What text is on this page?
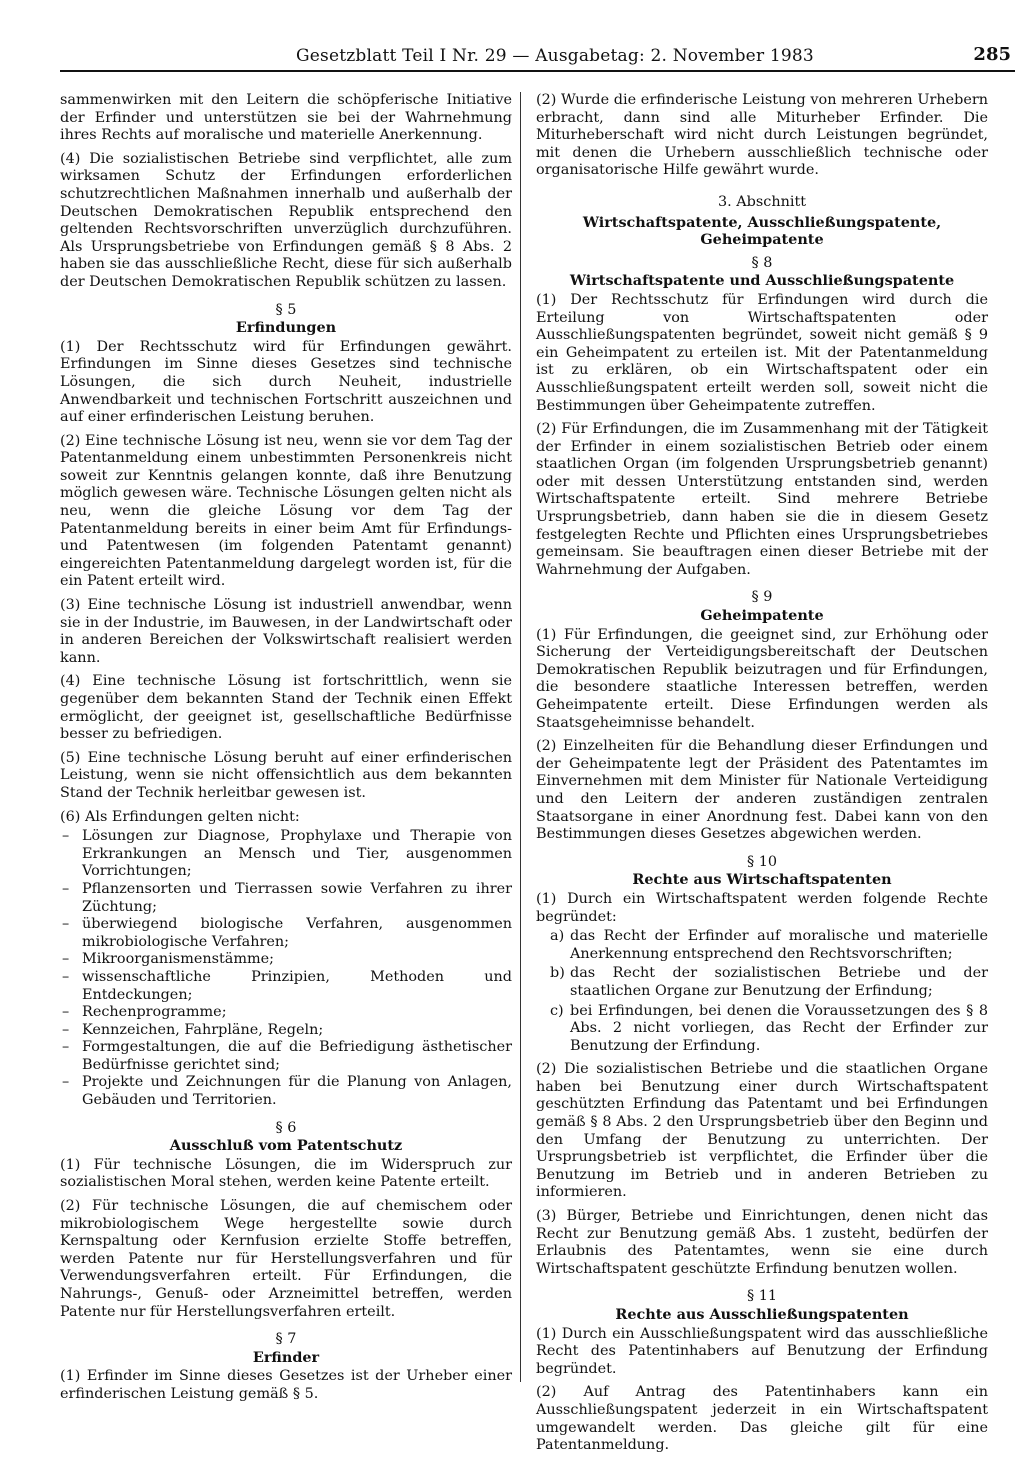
Gesetzblatt Teil I Nr. 29 — Ausgabetag: 2. November 1983	285

sammenwirken mit den Leitern die schöpferische Initiative der Erfinder und unterstützen sie bei der Wahrnehmung ihres Rechts auf moralische und materielle Anerkennung.

(4) Die sozialistischen Betriebe sind verpflichtet, alle zum wirksamen Schutz der Erfindungen erforderlichen schutzrechtlichen Maßnahmen innerhalb und außerhalb der Deutschen Demokratischen Republik entsprechend den geltenden Rechtsvorschriften unverzüglich durchzuführen. Als Ursprungsbetriebe von Erfindungen gemäß § 8 Abs. 2 haben sie das ausschließliche Recht, diese für sich außerhalb der Deutschen Demokratischen Republik schützen zu lassen.

§ 5
Erfindungen

(1) Der Rechtsschutz wird für Erfindungen gewährt. Erfindungen im Sinne dieses Gesetzes sind technische Lösungen, die sich durch Neuheit, industrielle Anwendbarkeit und technischen Fortschritt auszeichnen und auf einer erfinderischen Leistung beruhen.

(2) Eine technische Lösung ist neu, wenn sie vor dem Tag der Patentanmeldung einem unbestimmten Personenkreis nicht soweit zur Kenntnis gelangen konnte, daß ihre Benutzung möglich gewesen wäre. Technische Lösungen gelten nicht als neu, wenn die gleiche Lösung vor dem Tag der Patentanmeldung bereits in einer beim Amt für Erfindungs- und Patentwesen (im folgenden Patentamt genannt) eingereichten Patentanmeldung dargelegt worden ist, für die ein Patent erteilt wird.

(3) Eine technische Lösung ist industriell anwendbar, wenn sie in der Industrie, im Bauwesen, in der Landwirtschaft oder in anderen Bereichen der Volkswirtschaft realisiert werden kann.

(4) Eine technische Lösung ist fortschrittlich, wenn sie gegenüber dem bekannten Stand der Technik einen Effekt ermöglicht, der geeignet ist, gesellschaftliche Bedürfnisse besser zu befriedigen.

(5) Eine technische Lösung beruht auf einer erfinderischen Leistung, wenn sie nicht offensichtlich aus dem bekannten Stand der Technik herleitbar gewesen ist.

(6) Als Erfindungen gelten nicht:

– Lösungen zur Diagnose, Prophylaxe und Therapie von Erkrankungen an Mensch und Tier, ausgenommen Vorrichtungen;
– Pflanzensorten und Tierrassen sowie Verfahren zu ihrer Züchtung;
– überwiegend biologische Verfahren, ausgenommen mikrobiologische Verfahren;
– Mikroorganismenstämme;
– wissenschaftliche Prinzipien, Methoden und Entdeckungen;
– Rechenprogramme;
– Kennzeichen, Fahrpläne, Regeln;
– Formgestaltungen, die auf die Befriedigung ästhetischer Bedürfnisse gerichtet sind;
– Projekte und Zeichnungen für die Planung von Anlagen, Gebäuden und Territorien.
§ 6
Ausschluß vom Patentschutz

(1) Für technische Lösungen, die im Widerspruch zur sozialistischen Moral stehen, werden keine Patente erteilt.

(2) Für technische Lösungen, die auf chemischem oder mikrobiologischem Wege hergestellte sowie durch Kernspaltung oder Kernfusion erzielte Stoffe betreffen, werden Patente nur für Herstellungsverfahren und für Verwendungsverfahren erteilt. Für Erfindungen, die Nahrungs-, Genuß- oder Arzneimittel betreffen, werden Patente nur für Herstellungsverfahren erteilt.

§ 7
Erfinder

(1) Erfinder im Sinne dieses Gesetzes ist der Urheber einer erfinderischen Leistung gemäß § 5.

(2) Wurde die erfinderische Leistung von mehreren Urhebern erbracht, dann sind alle Miturheber Erfinder. Die Miturheberschaft wird nicht durch Leistungen begründet, mit denen die Urhebern ausschließlich technische oder organisatorische Hilfe gewährt wurde.

3. Abschnitt
Wirtschaftspatente, Ausschließungspatente, Geheimpatente
§ 8
Wirtschaftspatente und Ausschließungspatente

(1) Der Rechtsschutz für Erfindungen wird durch die Erteilung von Wirtschaftspatenten oder Ausschließungspatenten begründet, soweit nicht gemäß § 9 ein Geheimpatent zu erteilen ist. Mit der Patentanmeldung ist zu erklären, ob ein Wirtschaftspatent oder ein Ausschließungspatent erteilt werden soll, soweit nicht die Bestimmungen über Geheimpatente zutreffen.

(2) Für Erfindungen, die im Zusammenhang mit der Tätigkeit der Erfinder in einem sozialistischen Betrieb oder einem staatlichen Organ (im folgenden Ursprungsbetrieb genannt) oder mit dessen Unterstützung entstanden sind, werden Wirtschaftspatente erteilt. Sind mehrere Betriebe Ursprungsbetrieb, dann haben sie die in diesem Gesetz festgelegten Rechte und Pflichten eines Ursprungsbetriebes gemeinsam. Sie beauftragen einen dieser Betriebe mit der Wahrnehmung der Aufgaben.

§ 9
Geheimpatente

(1) Für Erfindungen, die geeignet sind, zur Erhöhung oder Sicherung der Verteidigungsbereitschaft der Deutschen Demokratischen Republik beizutragen und für Erfindungen, die besondere staatliche Interessen betreffen, werden Geheimpatente erteilt. Diese Erfindungen werden als Staatsgeheimnisse behandelt.

(2) Einzelheiten für die Behandlung dieser Erfindungen und der Geheimpatente legt der Präsident des Patentamtes im Einvernehmen mit dem Minister für Nationale Verteidigung und den Leitern der anderen zuständigen zentralen Staatsorgane in einer Anordnung fest. Dabei kann von den Bestimmungen dieses Gesetzes abgewichen werden.

§ 10
Rechte aus Wirtschaftspatenten

(1) Durch ein Wirtschaftspatent werden folgende Rechte begründet:

a) das Recht der Erfinder auf moralische und materielle Anerkennung entsprechend den Rechtsvorschriften;
b) das Recht der sozialistischen Betriebe und der staatlichen Organe zur Benutzung der Erfindung;
c) bei Erfindungen, bei denen die Voraussetzungen des § 8 Abs. 2 nicht vorliegen, das Recht der Erfinder zur Benutzung der Erfindung.

(2) Die sozialistischen Betriebe und die staatlichen Organe haben bei Benutzung einer durch Wirtschaftspatent geschützten Erfindung das Patentamt und bei Erfindungen gemäß § 8 Abs. 2 den Ursprungsbetrieb über den Beginn und den Umfang der Benutzung zu unterrichten. Der Ursprungsbetrieb ist verpflichtet, die Erfinder über die Benutzung im Betrieb und in anderen Betrieben zu informieren.

(3) Bürger, Betriebe und Einrichtungen, denen nicht das Recht zur Benutzung gemäß Abs. 1 zusteht, bedürfen der Erlaubnis des Patentamtes, wenn sie eine durch Wirtschaftspatent geschützte Erfindung benutzen wollen.

§ 11
Rechte aus Ausschließungspatenten

(1) Durch ein Ausschließungspatent wird das ausschließliche Recht des Patentinhabers auf Benutzung der Erfindung begründet.

(2) Auf Antrag des Patentinhabers kann ein Ausschließungspatent jederzeit in ein Wirtschaftspatent umgewandelt werden. Das gleiche gilt für eine Patentanmeldung.
